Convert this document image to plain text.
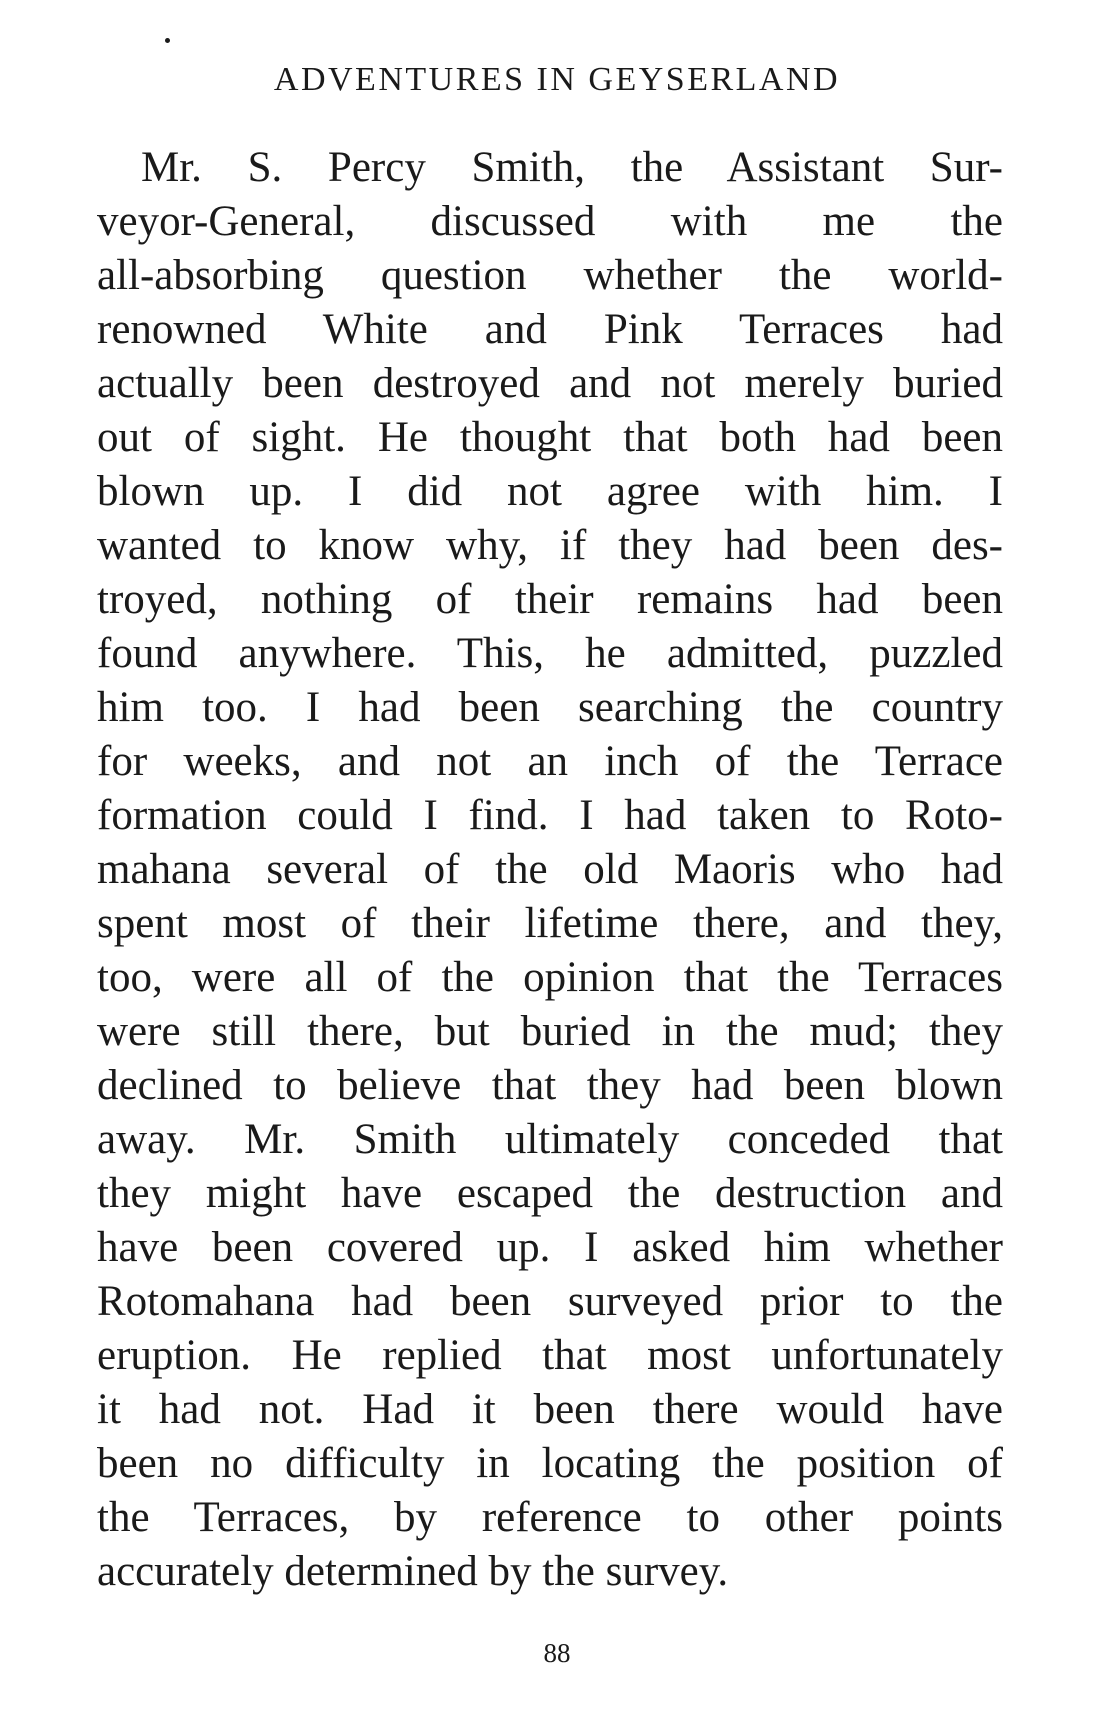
ADVENTURES IN GEYSERLAND
Mr. S. Percy Smith, the Assistant Sur-
veyor-General, discussed with me the
all-absorbing question whether the world-
renowned White and Pink Terraces had
actually been destroyed and not merely buried
out of sight. He thought that both had been
blown up. I did not agree with him. I
wanted to know why, if they had been des-
troyed, nothing of their remains had been
found anywhere. This, he admitted, puzzled
him too. I had been searching the country
for weeks, and not an inch of the Terrace
formation could I find. I had taken to Roto-
mahana several of the old Maoris who had
spent most of their lifetime there, and they,
too, were all of the opinion that the Terraces
were still there, but buried in the mud; they
declined to believe that they had been blown
away. Mr. Smith ultimately conceded that
they might have escaped the destruction and
have been covered up. I asked him whether
Rotomahana had been surveyed prior to the
eruption. He replied that most unfortunately
it had not. Had it been there would have
been no difficulty in locating the position of
the Terraces, by reference to other points
accurately determined by the survey.
88
